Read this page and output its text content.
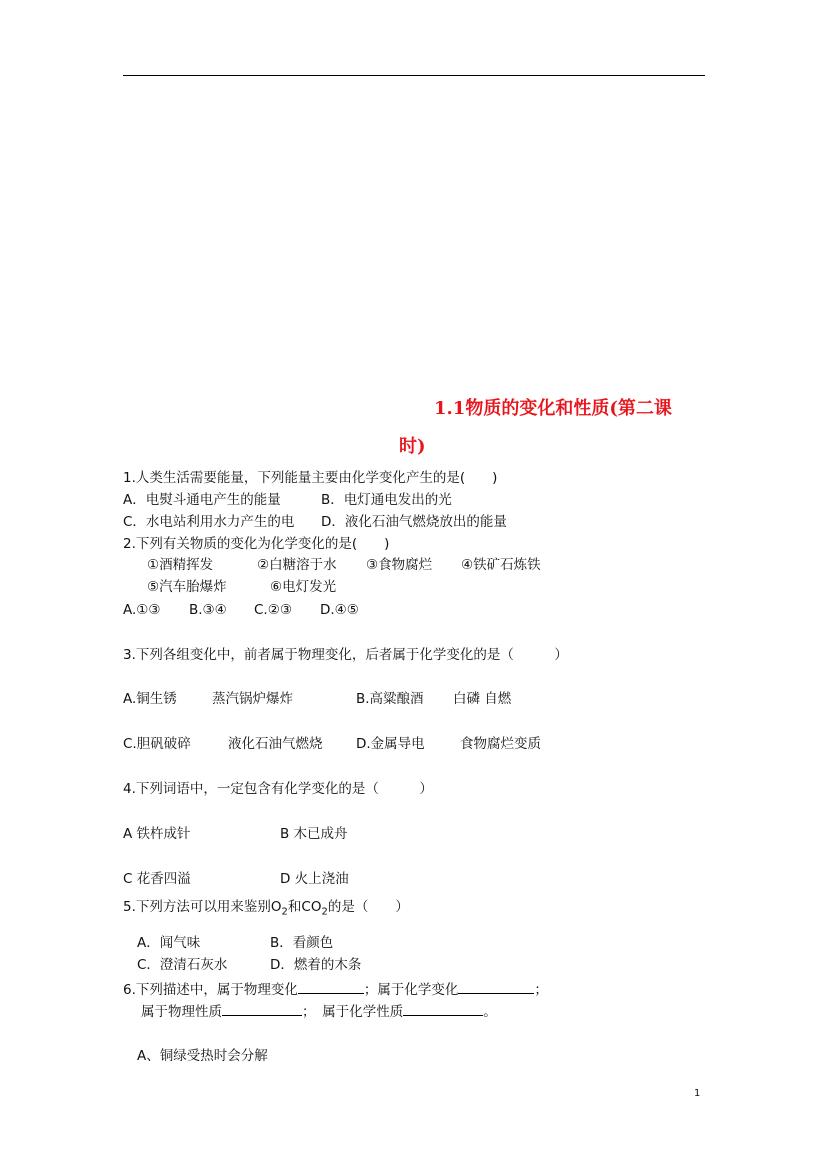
1.1物质的变化和性质(第二课
时)
1.人类生活需要能量，下列能量主要由化学变化产生的是(　　)
A．电熨斗通电产生的能量	B．电灯通电发出的光
C．水电站利用水力产生的电 D．液化石油气燃烧放出的能量
2.下列有关物质的变化为化学变化的是(　　)
①酒精挥发	②白糖溶于水 ③食物腐烂 ④铁矿石炼铁
⑤汽车胎爆炸	⑥电灯发光
A.①③ B.③④ C.②③ D.④⑤
3.下列各组变化中，前者属于物理变化，后者属于化学变化的是（　　　）
A.铜生锈	蒸汽锅炉爆炸	B.高粱酿酒 白磷 自燃
C.胆矾破碎	液化石油气燃烧 D.金属导电	食物腐烂变质
4.下列词语中，一定包含有化学变化的是（　　　）
A 铁杵成针	B 木已成舟
C 花香四溢	D 火上浇油
5.下列方法可以用来鉴别$O_2$和$CO_2$的是（　　）
A．闻气味	B．看颜色
C．澄清石灰水	D．燃着的木条
6.下列描述中，属于物理变化	；属于化学变化	；
属于物理性质	；　属于化学性质	。
A、铜绿受热时会分解
1
